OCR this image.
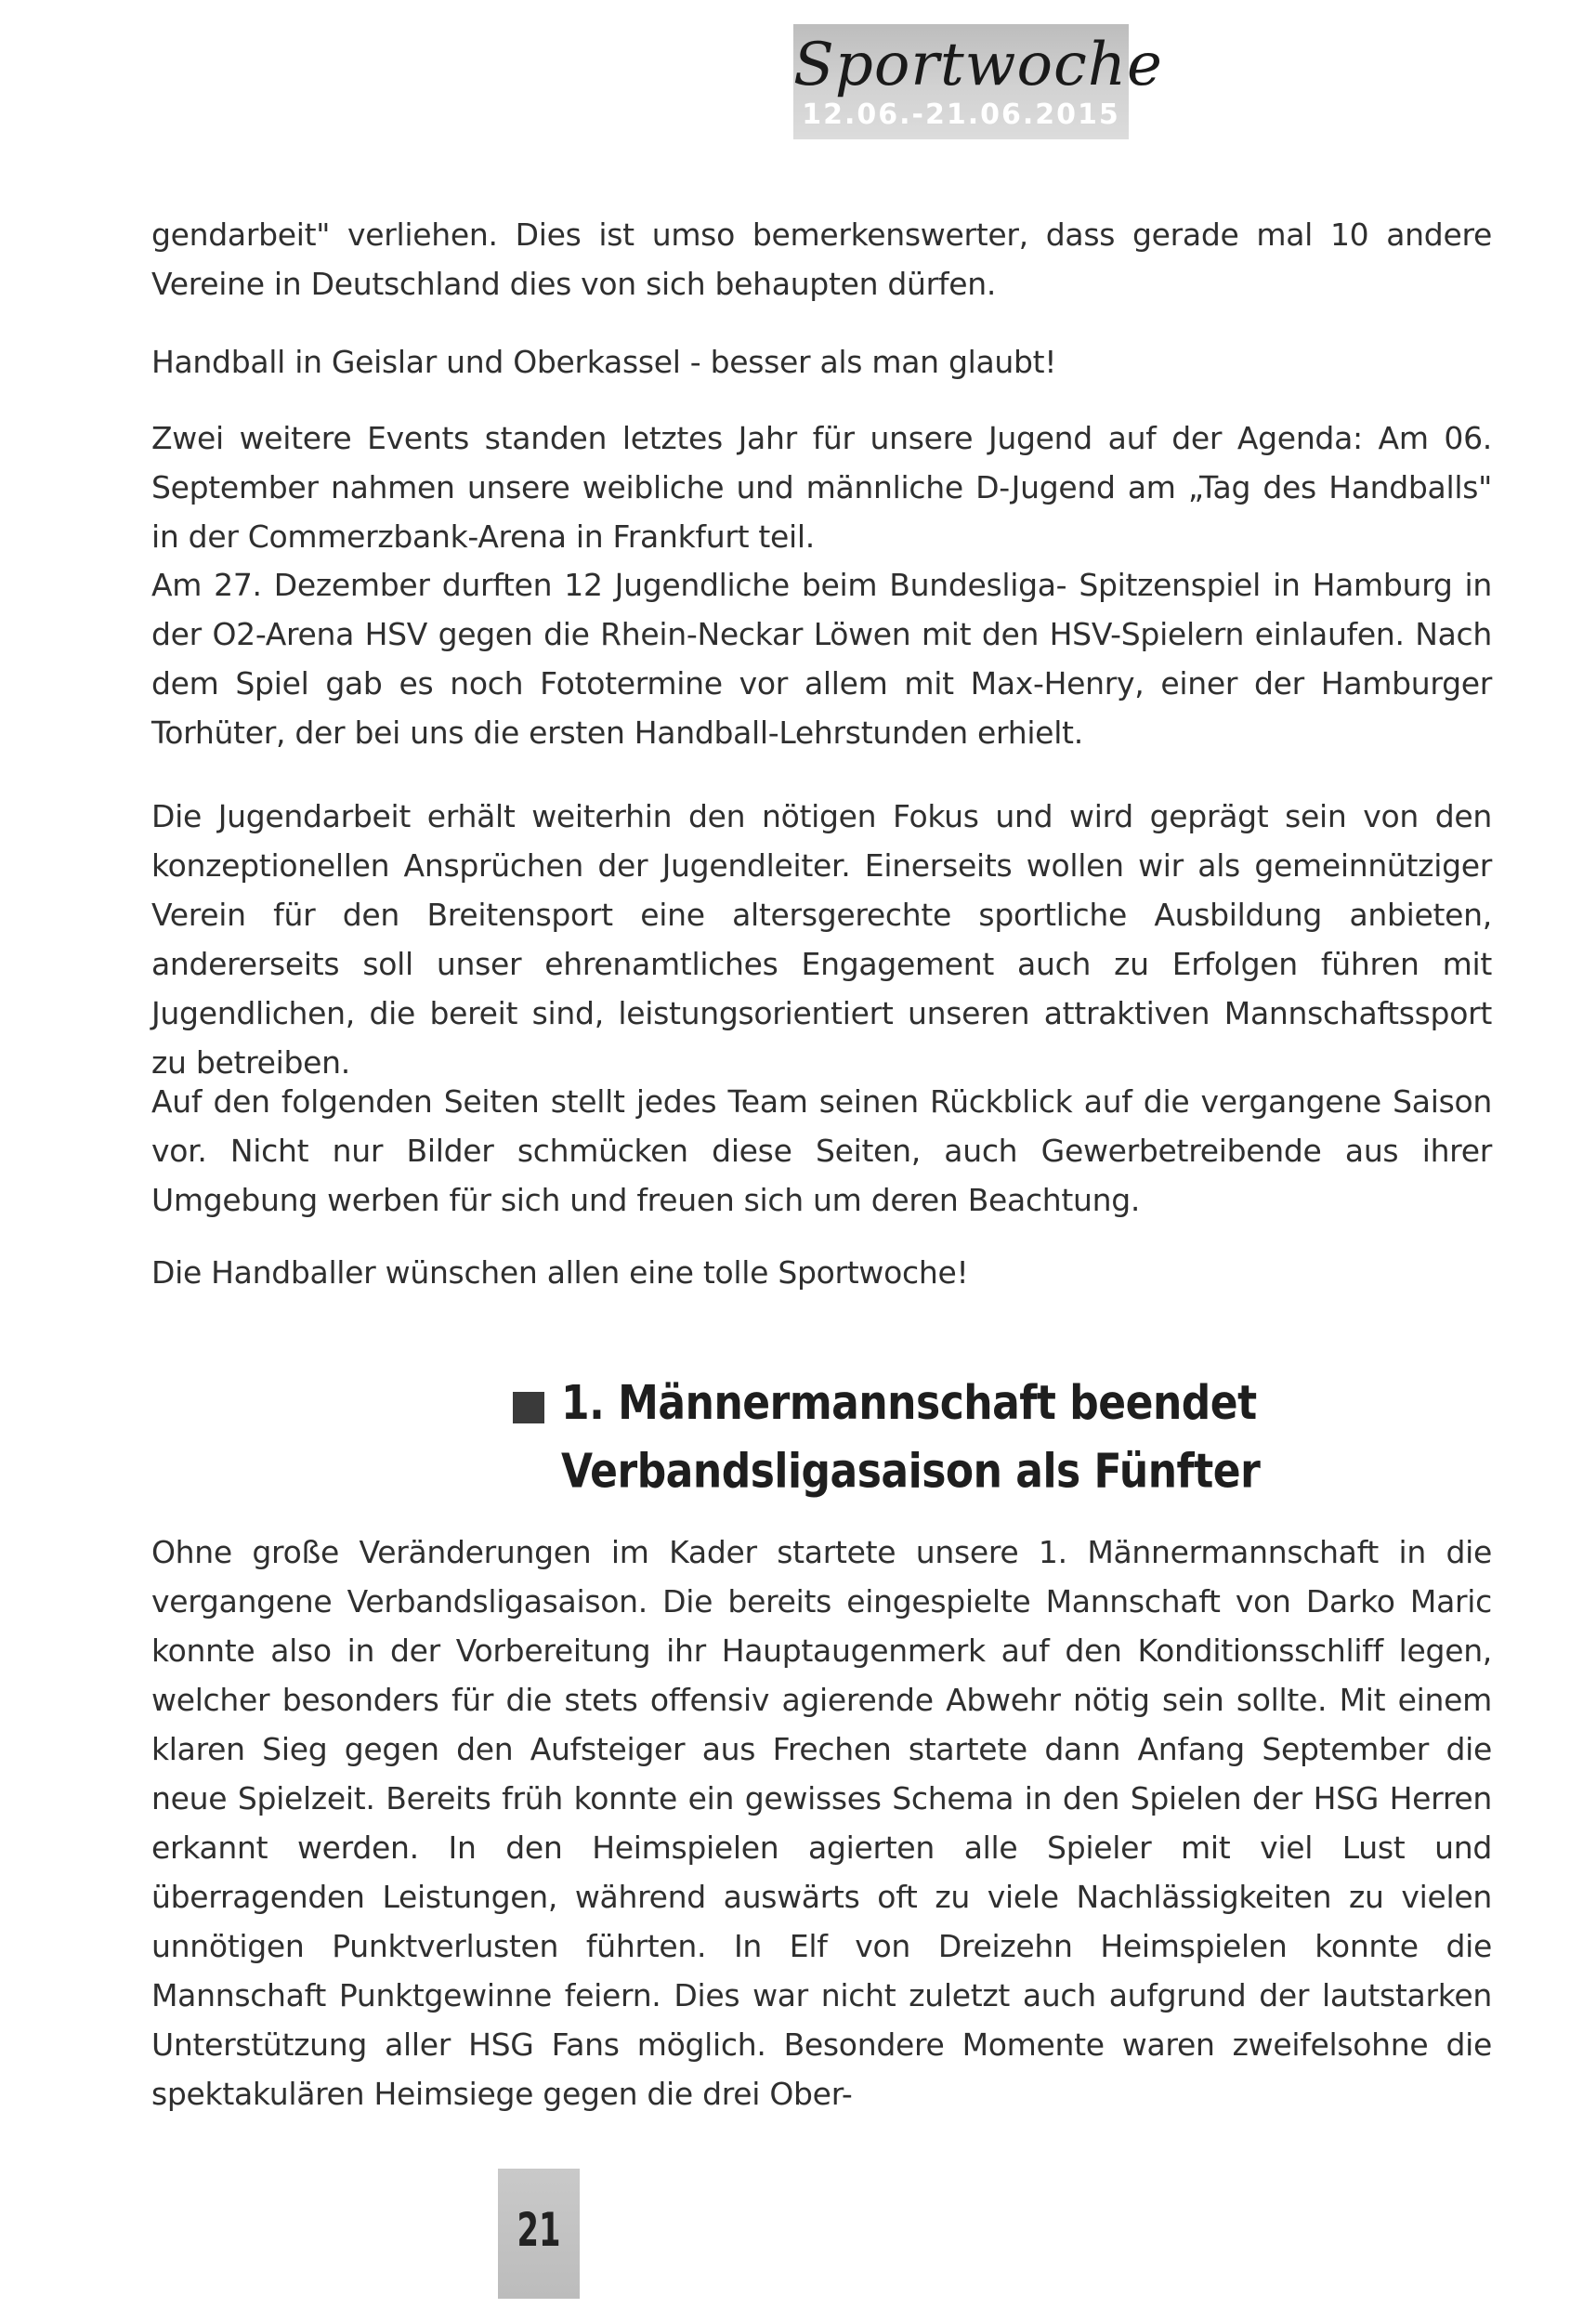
Sportwoche
12.06.-21.06.2015

gendarbeit" verliehen. Dies ist umso bemerkenswerter, dass gerade mal 10 andere Vereine in Deutschland dies von sich behaupten dürfen.

Handball in Geislar und Oberkassel - besser als man glaubt!

Zwei weitere Events standen letztes Jahr für unsere Jugend auf der Agenda: Am 06. September nahmen unsere weibliche und männliche D-Jugend am „Tag des Handballs" in der Commerzbank-Arena in Frankfurt teil.

Am 27. Dezember durften 12 Jugendliche beim Bundesliga- Spitzenspiel in Hamburg in der O2-Arena HSV gegen die Rhein-Neckar Löwen mit den HSV-Spielern einlaufen. Nach dem Spiel gab es noch Fototermine vor allem mit Max-Henry, einer der Hamburger Torhüter, der bei uns die ersten Handball-Lehrstunden erhielt.

Die Jugendarbeit erhält weiterhin den nötigen Fokus und wird geprägt sein von den konzeptionellen Ansprüchen der Jugendleiter. Einerseits wollen wir als gemeinnütziger Verein für den Breitensport eine altersgerechte sportliche Ausbildung anbieten, andererseits soll unser ehrenamtliches Engagement auch zu Erfolgen führen mit Jugendlichen, die bereit sind, leistungsorientiert unseren attraktiven Mannschaftssport zu betreiben.

Auf den folgenden Seiten stellt jedes Team seinen Rückblick auf die vergangene Saison vor. Nicht nur Bilder schmücken diese Seiten, auch Gewerbetreibende aus ihrer Umgebung werben für sich und freuen sich um deren Beachtung.

Die Handballer wünschen allen eine tolle Sportwoche!

1. Männermannschaft beendet Verbandsligasaison als Fünfter

Ohne große Veränderungen im Kader startete unsere 1. Männermannschaft in die vergangene Verbandsligasaison. Die bereits eingespielte Mannschaft von Darko Maric konnte also in der Vorbereitung ihr Hauptaugenmerk auf den Konditionsschliff legen, welcher besonders für die stets offensiv agierende Abwehr nötig sein sollte. Mit einem klaren Sieg gegen den Aufsteiger aus Frechen startete dann Anfang September die neue Spielzeit. Bereits früh konnte ein gewisses Schema in den Spielen der HSG Herren erkannt werden. In den Heimspielen agierten alle Spieler mit viel Lust und überragenden Leistungen, während auswärts oft zu viele Nachlässigkeiten zu vielen unnötigen Punktverlusten führten. In Elf von Dreizehn Heimspielen konnte die Mannschaft Punktgewinne feiern. Dies war nicht zuletzt auch aufgrund der lautstarken Unterstützung aller HSG Fans möglich. Besondere Momente waren zweifelsohne die spektakulären Heimsiege gegen die drei Ober-

21
